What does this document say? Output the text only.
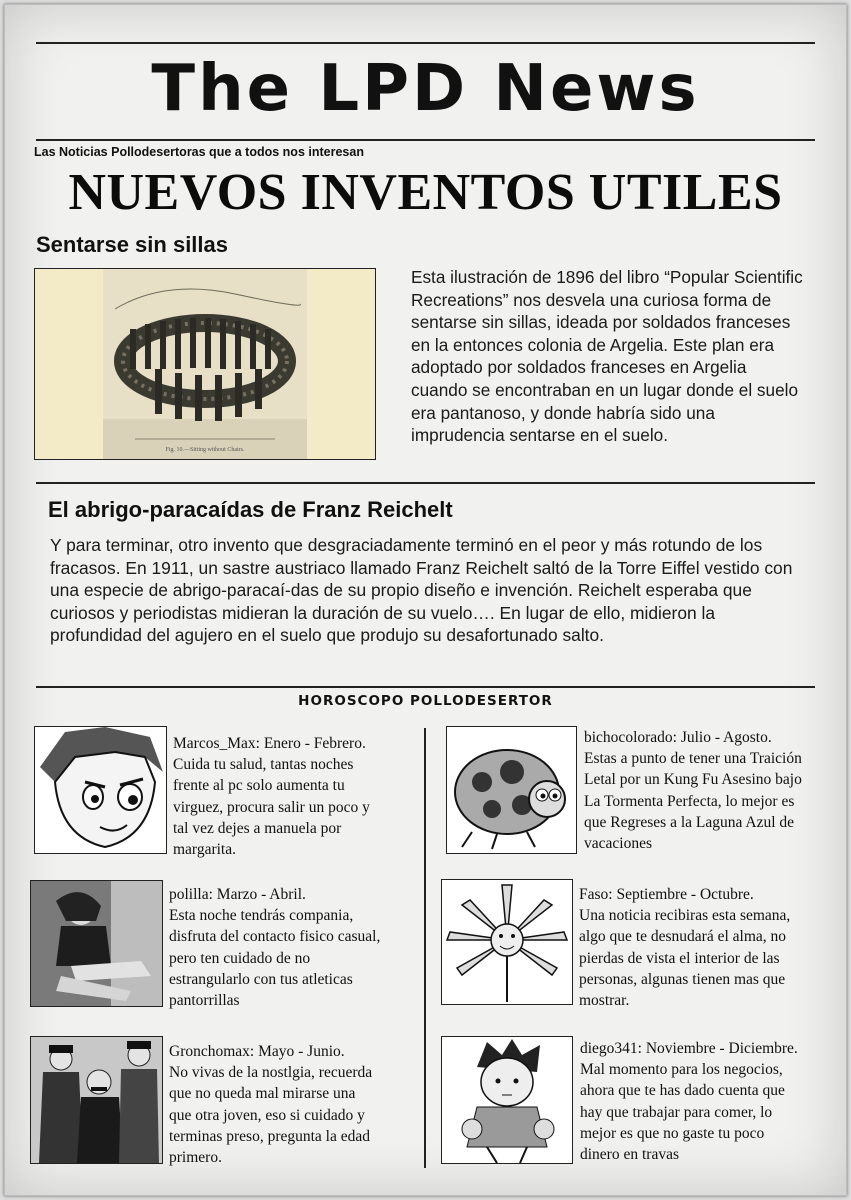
The LPD News
Las Noticias Pollodesertoras que a todos nos interesan
NUEVOS INVENTOS UTILES
Sentarse sin sillas
Fig. 10.—Sitting without Chairs.
Esta ilustración de 1896 del libro “Popular Scientific Recreations” nos desvela una curiosa forma de sentarse sin sillas, ideada por soldados franceses en la entonces colonia de Argelia. Este plan era adoptado por soldados franceses en Argelia cuando se encontraban en un lugar donde el suelo era pantanoso, y donde habría sido una imprudencia sentarse en el suelo.
El abrigo-paracaídas de Franz Reichelt
Y para terminar, otro invento que desgraciadamente terminó en el peor y más rotundo de los fracasos. En 1911, un sastre austriaco llamado Franz Reichelt saltó de la Torre Eiffel vestido con una especie de abrigo-paracaí-das de su propio diseño e invención. Reichelt esperaba que curiosos y periodistas midieran la duración de su vuelo…. En lugar de ello, midieron la profundidad del agujero en el suelo que produjo su desafortunado salto.
HOROSCOPO POLLODESERTOR
Marcos_Max: Enero - Febrero.
Cuida tu salud, tantas noches
frente al pc solo aumenta tu
virguez, procura salir un poco y
tal vez dejes a manuela por
margarita.
bichocolorado: Julio - Agosto.
Estas a punto de tener una Traición
Letal por un Kung Fu Asesino bajo
La Tormenta Perfecta, lo mejor es
que Regreses a la Laguna Azul de
vacaciones
polilla: Marzo - Abril.
Esta noche tendrás compania,
disfruta del contacto fisico casual,
pero ten cuidado de no
estrangularlo con tus atleticas
pantorrillas
Faso: Septiembre - Octubre.
Una noticia recibiras esta semana,
algo que te desnudará el alma, no
pierdas de vista el interior de las
personas, algunas tienen mas que
mostrar.
Gronchomax: Mayo - Junio.
No vivas de la nostlgia, recuerda
que no queda mal mirarse una
que otra joven, eso si cuidado y
terminas preso, pregunta la edad
primero.
diego341: Noviembre - Diciembre.
Mal momento para los negocios,
ahora que te has dado cuenta que
hay que trabajar para comer, lo
mejor es que no gaste tu poco
dinero en travas
